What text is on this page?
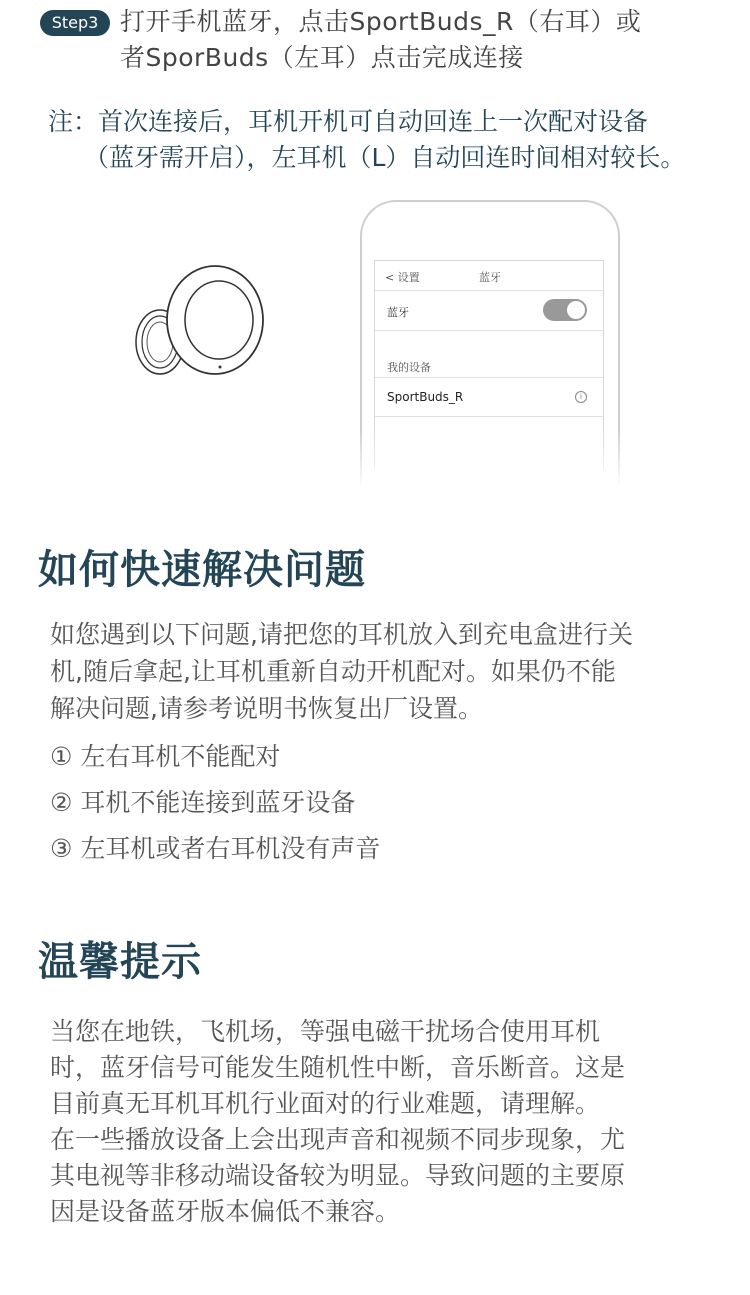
Step3 打开手机蓝牙，点击SportBuds_R（右耳）或
者SporBuds（左耳）点击完成连接
注：首次连接后，耳机开机可自动回连上一次配对设备
（蓝牙需开启），左耳机（L）自动回连时间相对较长。
< 设置	蓝牙
蓝牙
我的设备
SportBuds_R	i
如何快速解决问题
如您遇到以下问题,请把您的耳机放入到充电盒进行关
机,随后拿起,让耳机重新自动开机配对。如果仍不能
解决问题,请参考说明书恢复出厂设置。
① 左右耳机不能配对
② 耳机不能连接到蓝牙设备
③ 左耳机或者右耳机没有声音
温馨提示
当您在地铁，飞机场，等强电磁干扰场合使用耳机
时，蓝牙信号可能发生随机性中断，音乐断音。这是
目前真无耳机耳机行业面对的行业难题，请理解。
在一些播放设备上会出现声音和视频不同步现象，尤
其电视等非移动端设备较为明显。导致问题的主要原
因是设备蓝牙版本偏低不兼容。
